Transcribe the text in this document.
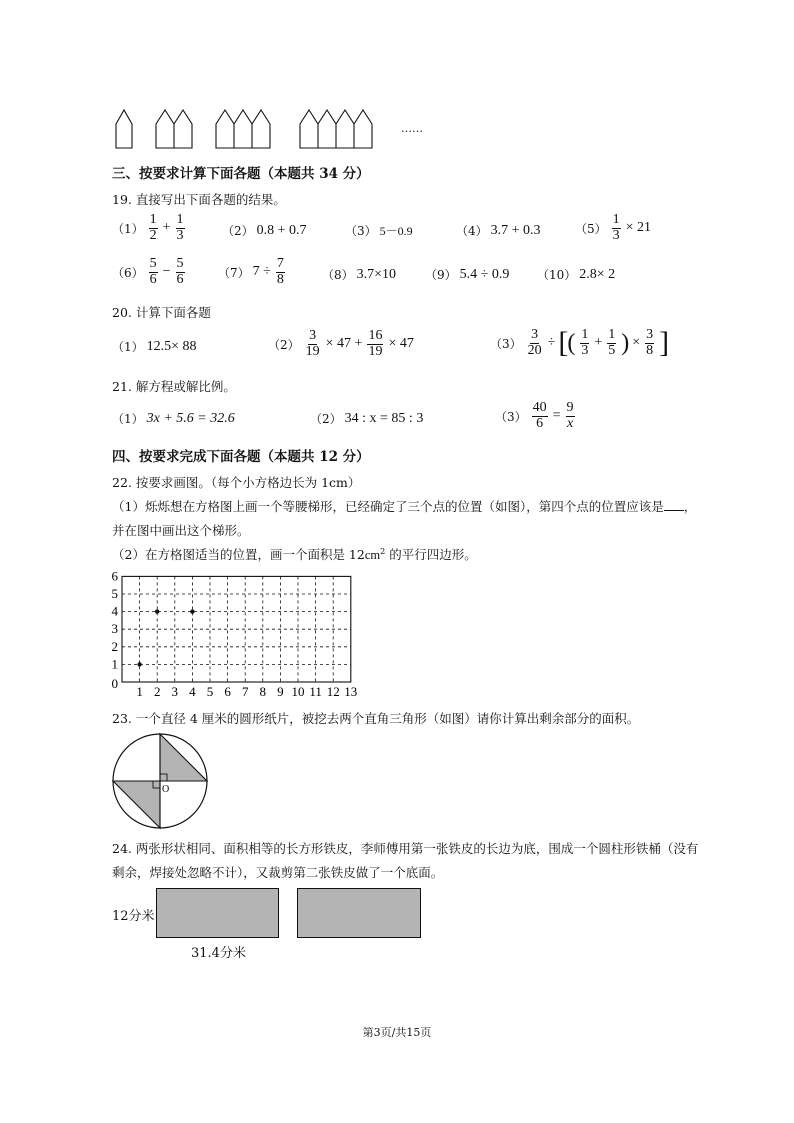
……
三、按要求计算下面各题（本题共 34 分）
19. 直接写出下面各题的结果。
$(1) \frac{1}{2} + \frac{1}{3}$	（2） 0.8 + 0.7	（3） 5－0.9	（4） 3.7 + 0.3	$(5) \frac{1}{3} \times 21$
$(6) \frac{5}{6} - \frac{5}{6}$	（7） $7 \div \frac{7}{8}$	（8） 3.7×10 （9） 5.4 ÷ 0.9 （10） 2.8× 2
20. 计算下面各题
（1） 12.5× 88	$(2) \frac{3}{19} \times 47 + \frac{16}{19} \times 47$	$(3) \frac{3}{20}$ ÷ [ ( $\frac{1}{3} + \frac{1}{5}$ ) × $\frac{3}{8}$ ]
21. 解方程或解比例。
（1） 3x + 5.6 = 32.6	（2） 34 : x = 85 : 3	$(3) \frac{40}{6} = \frac{9}{x}$
四、按要求完成下面各题（本题共 12 分）
22. 按要求画图。（每个小方格边长为 1cm）
（1）烁烁想在方格图上画一个等腰梯形，已经确定了三个点的位置（如图），第四个点的位置应该是 ，
并在图中画出这个梯形。
（2）在方格图适当的位置，画一个面积是 $12cm^2$ 的平行四边形。
1 2 3 4 5 6 7 8 9 10 11 12 13
0
1
2
3
4
5
6
23. 一个直径 4 厘米的圆形纸片，被挖去两个直角三角形（如图）请你计算出剩余部分的面积。
O
24. 两张形状相同、面积相等的长方形铁皮，李师傅用第一张铁皮的长边为底，围成一个圆柱形铁桶（没有
剩余，焊接处忽略不计），又裁剪第二张铁皮做了一个底面。
12分米
31.4分米
第3页/共15页
